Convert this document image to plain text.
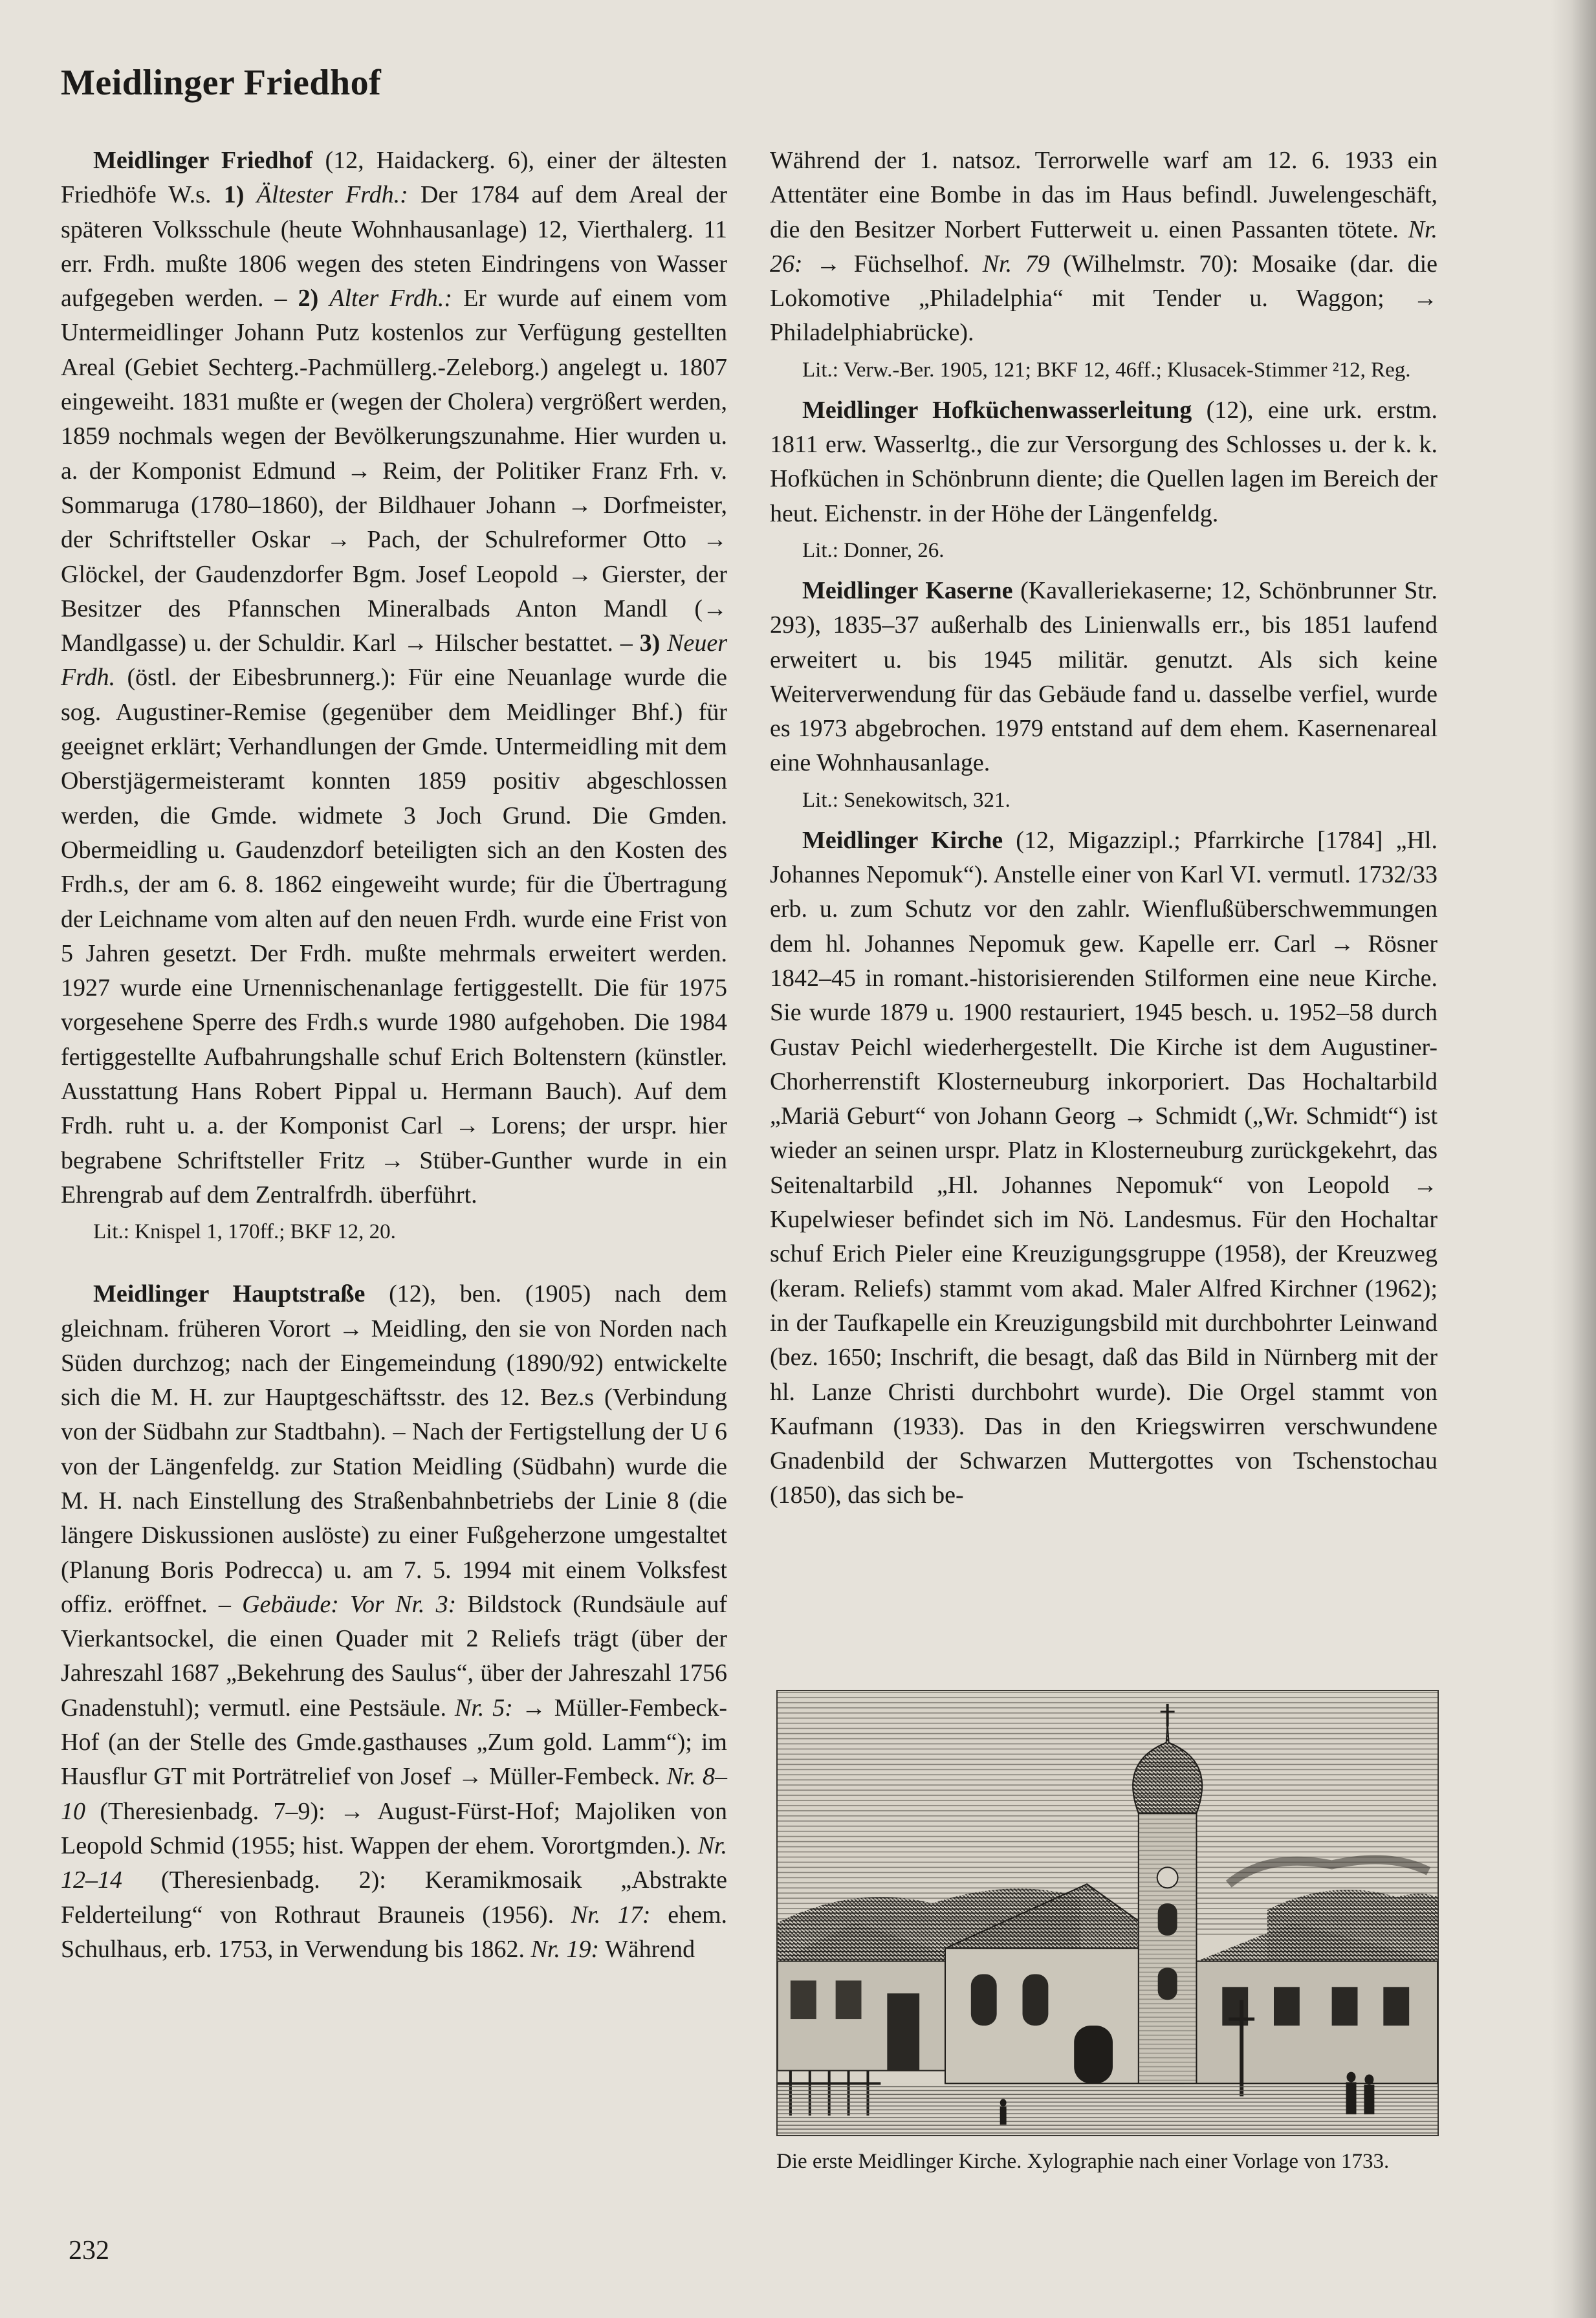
Meidlinger Friedhof

Meidlinger Friedhof (12, Haidackerg. 6), einer der ältesten Friedhöfe W.s. 1) Ältester Frdh.: Der 1784 auf dem Areal der späteren Volksschule (heute Wohnhausanlage) 12, Vierthalerg. 11 err. Frdh. mußte 1806 wegen des steten Eindringens von Wasser aufgegeben werden. – 2) Alter Frdh.: Er wurde auf einem vom Untermeidlinger Johann Putz kostenlos zur Verfügung gestellten Areal (Gebiet Sechterg.-Pachmüllerg.-Zeleborg.) angelegt u. 1807 eingeweiht. 1831 mußte er (wegen der Cholera) vergrößert werden, 1859 nochmals wegen der Bevölkerungszunahme. Hier wurden u. a. der Komponist Edmund → Reim, der Politiker Franz Frh. v. Sommaruga (1780–1860), der Bildhauer Johann → Dorfmeister, der Schriftsteller Oskar → Pach, der Schulreformer Otto → Glöckel, der Gaudenzdorfer Bgm. Josef Leopold → Gierster, der Besitzer des Pfannschen Mineralbads Anton Mandl (→ Mandlgasse) u. der Schuldir. Karl → Hilscher bestattet. – 3) Neuer Frdh. (östl. der Eibesbrunnerg.): Für eine Neuanlage wurde die sog. Augustiner-Remise (gegenüber dem Meidlinger Bhf.) für geeignet erklärt; Verhandlungen der Gmde. Untermeidling mit dem Oberstjägermeisteramt konnten 1859 positiv abgeschlossen werden, die Gmde. widmete 3 Joch Grund. Die Gmden. Obermeidling u. Gaudenzdorf beteiligten sich an den Kosten des Frdh.s, der am 6. 8. 1862 eingeweiht wurde; für die Übertragung der Leichname vom alten auf den neuen Frdh. wurde eine Frist von 5 Jahren gesetzt. Der Frdh. mußte mehrmals erweitert werden. 1927 wurde eine Urnennischenanlage fertiggestellt. Die für 1975 vorgesehene Sperre des Frdh.s wurde 1980 aufgehoben. Die 1984 fertiggestellte Aufbahrungshalle schuf Erich Boltenstern (künstler. Ausstattung Hans Robert Pippal u. Hermann Bauch). Auf dem Frdh. ruht u. a. der Komponist Carl → Lorens; der urspr. hier begrabene Schriftsteller Fritz → Stüber-Gunther wurde in ein Ehrengrab auf dem Zentralfrdh. überführt.

Lit.: Knispel 1, 170ff.; BKF 12, 20.

Meidlinger Hauptstraße (12), ben. (1905) nach dem gleichnam. früheren Vorort → Meidling, den sie von Norden nach Süden durchzog; nach der Eingemeindung (1890/92) entwickelte sich die M. H. zur Hauptgeschäftsstr. des 12. Bez.s (Verbindung von der Südbahn zur Stadtbahn). – Nach der Fertigstellung der U 6 von der Längenfeldg. zur Station Meidling (Südbahn) wurde die M. H. nach Einstellung des Straßenbahnbetriebs der Linie 8 (die längere Diskussionen auslöste) zu einer Fußgeherzone umgestaltet (Planung Boris Podrecca) u. am 7. 5. 1994 mit einem Volksfest offiz. eröffnet. – Gebäude: Vor Nr. 3: Bildstock (Rundsäule auf Vierkantsockel, die einen Quader mit 2 Reliefs trägt (über der Jahreszahl 1687 „Bekehrung des Saulus“, über der Jahreszahl 1756 Gnadenstuhl); vermutl. eine Pestsäule. Nr. 5: → Müller-Fembeck-Hof (an der Stelle des Gmde.gasthauses „Zum gold. Lamm“); im Hausflur GT mit Porträtrelief von Josef → Müller-Fembeck. Nr. 8–10 (Theresienbadg. 7–9): → August-Fürst-Hof; Majoliken von Leopold Schmid (1955; hist. Wappen der ehem. Vorortgmden.). Nr. 12–14 (Theresienbadg. 2): Keramikmosaik „Abstrakte Felderteilung“ von Rothraut Brauneis (1956). Nr. 17: ehem. Schulhaus, erb. 1753, in Verwendung bis 1862. Nr. 19: Während

Während der 1. natsoz. Terrorwelle warf am 12. 6. 1933 ein Attentäter eine Bombe in das im Haus befindl. Juwelengeschäft, die den Besitzer Norbert Futterweit u. einen Passanten tötete. Nr. 26: → Füchselhof. Nr. 79 (Wilhelmstr. 70): Mosaike (dar. die Lokomotive „Philadelphia“ mit Tender u. Waggon; → Philadelphiabrücke).

Lit.: Verw.-Ber. 1905, 121; BKF 12, 46ff.; Klusacek-Stimmer ²12, Reg.

Meidlinger Hofküchenwasserleitung (12), eine urk. erstm. 1811 erw. Wasserltg., die zur Versorgung des Schlosses u. der k. k. Hofküchen in Schönbrunn diente; die Quellen lagen im Bereich der heut. Eichenstr. in der Höhe der Längenfeldg.

Lit.: Donner, 26.

Meidlinger Kaserne (Kavalleriekaserne; 12, Schönbrunner Str. 293), 1835–37 außerhalb des Linienwalls err., bis 1851 laufend erweitert u. bis 1945 militär. genutzt. Als sich keine Weiterverwendung für das Gebäude fand u. dasselbe verfiel, wurde es 1973 abgebrochen. 1979 entstand auf dem ehem. Kasernenareal eine Wohnhausanlage.

Lit.: Senekowitsch, 321.

Meidlinger Kirche (12, Migazzipl.; Pfarrkirche [1784] „Hl. Johannes Nepomuk“). Anstelle einer von Karl VI. vermutl. 1732/33 erb. u. zum Schutz vor den zahlr. Wienflußüberschwemmungen dem hl. Johannes Nepomuk gew. Kapelle err. Carl → Rösner 1842–45 in romant.-historisierenden Stilformen eine neue Kirche. Sie wurde 1879 u. 1900 restauriert, 1945 besch. u. 1952–58 durch Gustav Peichl wiederhergestellt. Die Kirche ist dem Augustiner-Chorherrenstift Klosterneuburg inkorporiert. Das Hochaltarbild „Mariä Geburt“ von Johann Georg → Schmidt („Wr. Schmidt“) ist wieder an seinen urspr. Platz in Klosterneuburg zurückgekehrt, das Seitenaltarbild „Hl. Johannes Nepomuk“ von Leopold → Kupelwieser befindet sich im Nö. Landesmus. Für den Hochaltar schuf Erich Pieler eine Kreuzigungsgruppe (1958), der Kreuzweg (keram. Reliefs) stammt vom akad. Maler Alfred Kirchner (1962); in der Taufkapelle ein Kreuzigungsbild mit durchbohrter Leinwand (bez. 1650; Inschrift, die besagt, daß das Bild in Nürnberg mit der hl. Lanze Christi durchbohrt wurde). Die Orgel stammt von Kaufmann (1933). Das in den Kriegswirren verschwundene Gnadenbild der Schwarzen Muttergottes von Tschenstochau (1850), das sich be-

Die erste Meidlinger Kirche. Xylographie nach einer Vorlage von 1733.

232
